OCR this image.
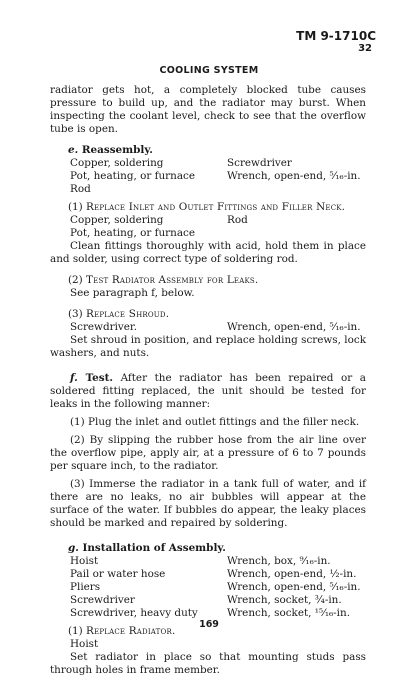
TM 9-1710C
32
COOLING SYSTEM

radiator gets hot, a completely blocked tube causes pressure to build up, and the radiator may burst. When inspecting the coolant level, check to see that the overflow tube is open.

e. Reassembly.
Copper, soldering	Screwdriver
Pot, heating, or furnace	Wrench, open-end, ⁵⁄₁₆-in.
Rod
(1) Replace Inlet and Outlet Fittings and Filler Neck.
Copper, soldering	Rod
Pot, heating, or furnace

Clean fittings thoroughly with acid, hold them in place and solder, using correct type of soldering rod.

(2) Test Radiator Assembly for Leaks.
See paragraph f, below.
(3) Replace Shroud.
Screwdriver.	Wrench, open-end, ⁵⁄₁₆-in.

Set shroud in position, and replace holding screws, lock washers, and nuts.

f. Test. After the radiator has been repaired or a soldered fitting replaced, the unit should be tested for leaks in the following manner:

(1) Plug the inlet and outlet fittings and the filler neck.

(2) By slipping the rubber hose from the air line over the overflow pipe, apply air, at a pressure of 6 to 7 pounds per square inch, to the radiator.

(3) Immerse the radiator in a tank full of water, and if there are no leaks, no air bubbles will appear at the surface of the water. If bubbles do appear, the leaky places should be marked and repaired by soldering.

g. Installation of Assembly.
Hoist	Wrench, box, ⁹⁄₁₆-in.
Pail or water hose	Wrench, open-end, ½-in.
Pliers	Wrench, open-end, ⁵⁄₁₆-in.
Screwdriver	Wrench, socket, ¾-in.
Screwdriver, heavy duty	Wrench, socket, ¹⁵⁄₁₆-in.
(1) Replace Radiator.
Hoist

Set radiator in place so that mounting studs pass through holes in frame member.

169
